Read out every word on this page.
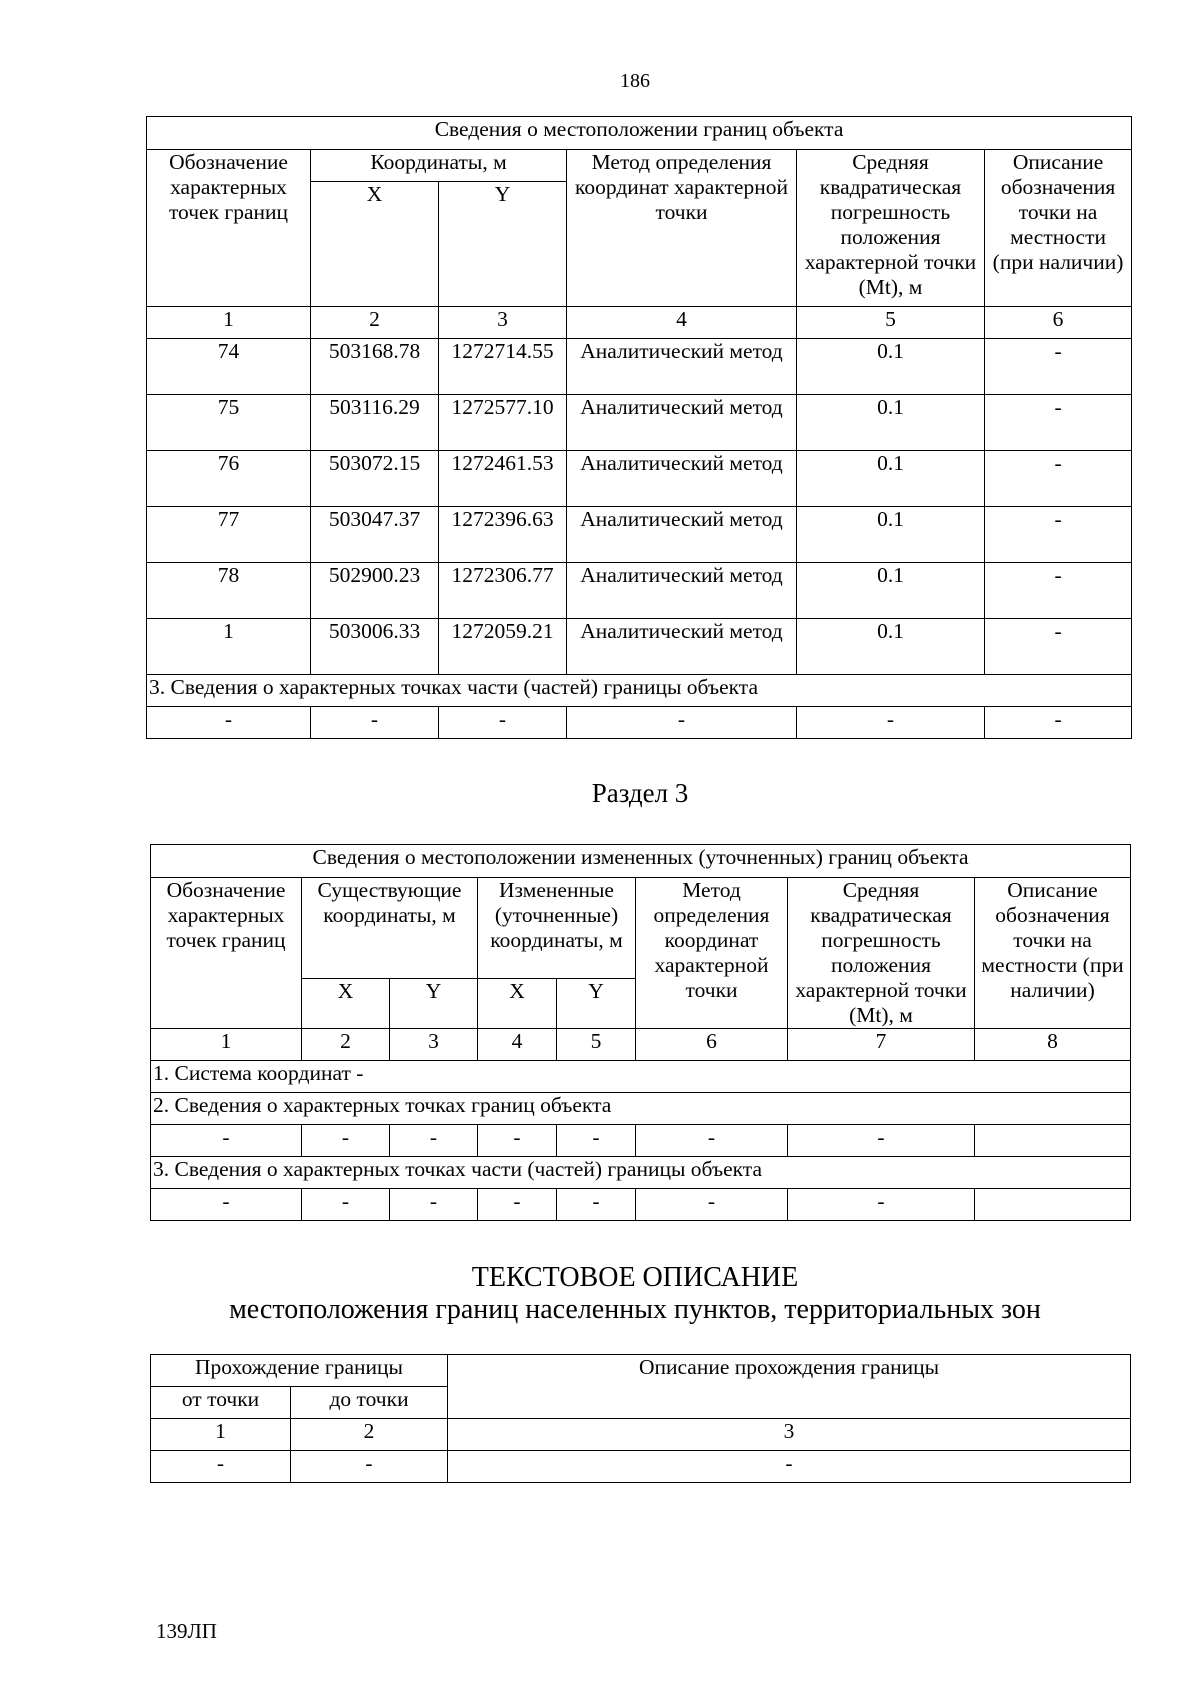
186
Сведения о местоположении границ объекта					
Обозначение характерных точек границ	Координаты, м		Метод определения координат характерной точки	Средняя квадратическая погрешность положения характерной точки (Mt), м	Описание обозначения точки на местности (при наличии)
	X	Y			
1	2	3	4	5	6
74	503168.78	1272714.55	Аналитический метод	0.1	-
75	503116.29	1272577.10	Аналитический метод	0.1	-
76	503072.15	1272461.53	Аналитический метод	0.1	-
77	503047.37	1272396.63	Аналитический метод	0.1	-
78	502900.23	1272306.77	Аналитический метод	0.1	-
1	503006.33	1272059.21	Аналитический метод	0.1	-
3. Сведения о характерных точках части (частей) границы объекта					
-	-	-	-	-	-
Раздел 3
Сведения о местоположении измененных (уточненных) границ объекта							
Обозначение характерных точек границ	Существующие координаты, м		Измененные (уточненные) координаты, м		Метод определения координат характерной точки	Средняя квадратическая погрешность положения характерной точки (Mt), м	Описание обозначения точки на местности (при наличии)
	X	Y	X	Y			
1	2	3	4	5	6	7	8
1. Система координат -							
2. Сведения о характерных точках границ объекта							
-	-	-	-	-	-	-	
3. Сведения о характерных точках части (частей) границы объекта							
-	-	-	-	-	-	-	
ТЕКСТОВОЕ ОПИСАНИЕ
местоположения границ населенных пунктов, территориальных зон
Прохождение границы		Описание прохождения границы
от точки	до точки	
1	2	3
-	-	-
139ЛП
